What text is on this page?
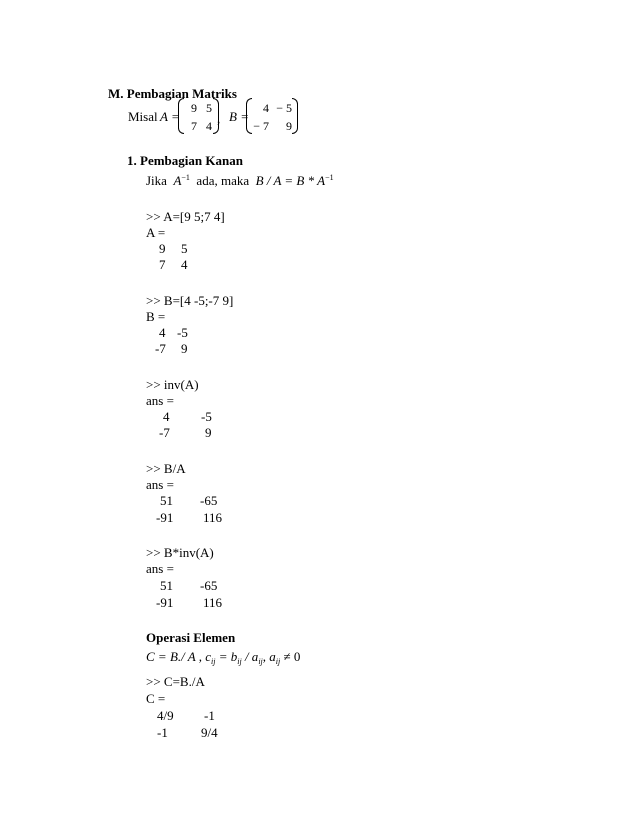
M. Pembagian Matriks
Misal A =
9 5
7 4 , B =
4 − 5
− 7	9
1. Pembagian Kanan
Jika $A^{-1}$ ada, maka $B / A = B * A^{-1}$
>> A=[9 5;7 4]
A =
9 5
7 4
>> B=[4 -5;-7 9]
B =
4 -5
-7 9
>> inv(A)
ans =
4 -5
-7	9
>> B/A
ans =
51 -65
-91 116
>> B*inv(A)
ans =
51 -65
-91 116
Operasi Elemen
C = B./ A , $c_{ij} = b_{ij} / a_{ij}$, $a_{ij} \ne 0$
>> C=B./A
C =
4/9 -1
-1	9/4
